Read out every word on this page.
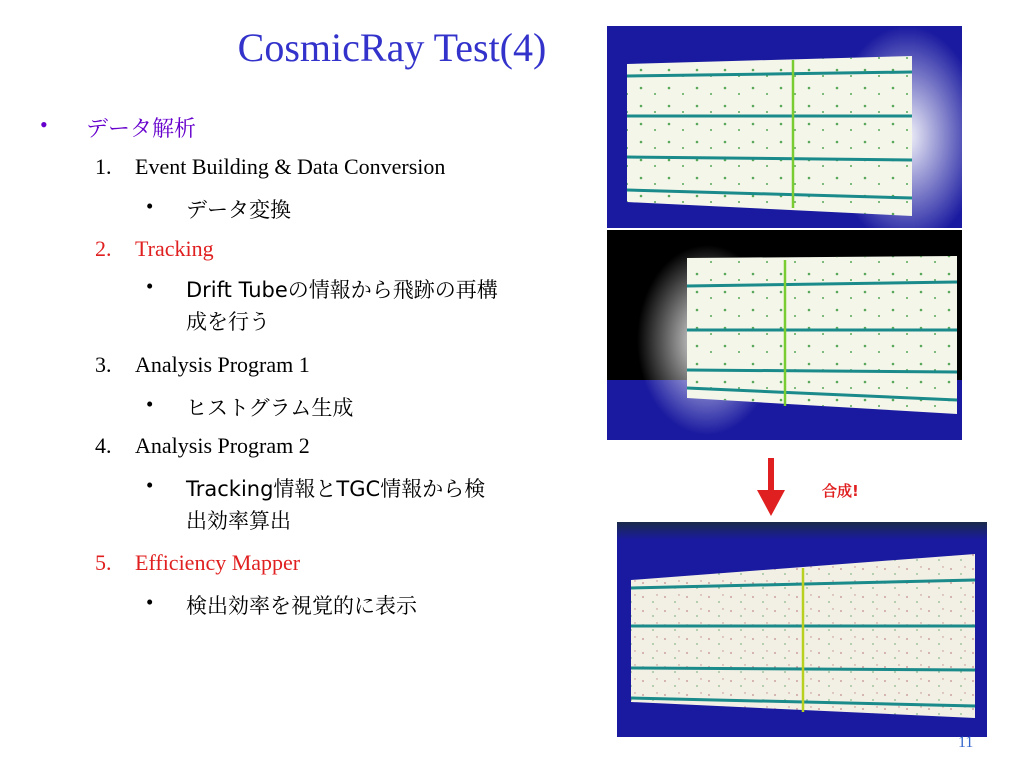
CosmicRay Test(4)
• データ解析
1. Event Building & Data Conversion
• データ変換
2. Tracking
• Drift Tubeの情報から飛跡の再構
成を行う
3. Analysis Program 1
• ヒストグラム生成
4. Analysis Program 2
• Tracking情報とTGC情報から検
出効率算出
5. Efficiency Mapper
• 検出効率を視覚的に表示
合成!
11
